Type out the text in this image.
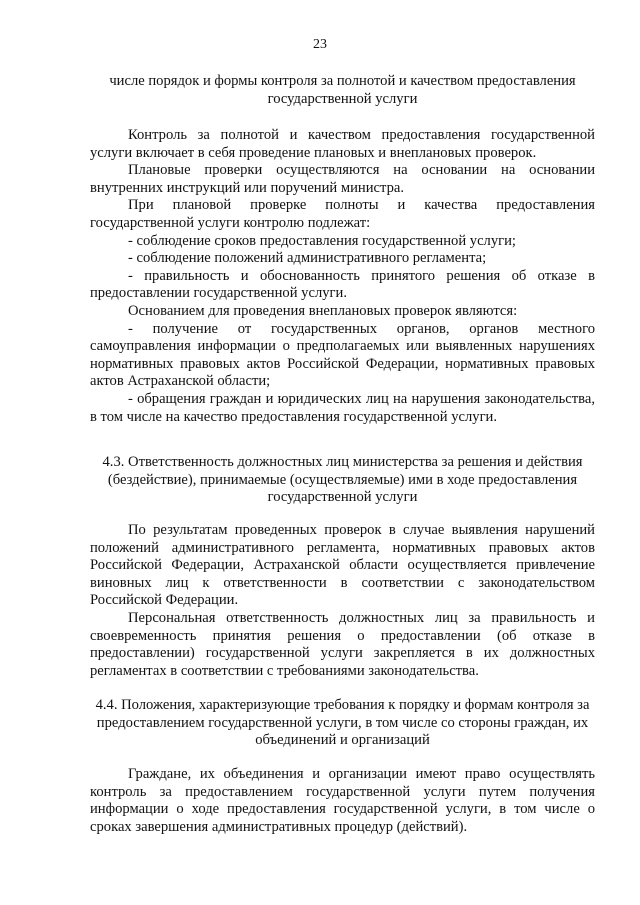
23
числе порядок и формы контроля за полнотой и качеством предоставления государственной услуги

Контроль за полнотой и качеством предоставления государственной услуги включает в себя проведение плановых и внеплановых проверок.

Плановые проверки осуществляются на основании на основании внутренних инструкций или поручений министра.

При плановой проверке полноты и качества предоставления государственной услуги контролю подлежат:

- соблюдение сроков предоставления государственной услуги;

- соблюдение положений административного регламента;

- правильность и обоснованность принятого решения об отказе в предоставлении государственной услуги.

Основанием для проведения внеплановых проверок являются:

- получение от государственных органов, органов местного самоуправления информации о предполагаемых или выявленных нарушениях нормативных правовых актов Российской Федерации, нормативных правовых актов Астраханской области;

- обращения граждан и юридических лиц на нарушения законодательства, в том числе на качество предоставления государственной услуги.

4.3. Ответственность должностных лиц министерства за решения и действия (бездействие), принимаемые (осуществляемые) ими в ходе предоставления государственной услуги

По результатам проведенных проверок в случае выявления нарушений положений административного регламента, нормативных правовых актов Российской Федерации, Астраханской области осуществляется привлечение виновных лиц к ответственности в соответствии с законодательством Российской Федерации.

Персональная ответственность должностных лиц за правильность и своевременность принятия решения о предоставлении (об отказе в предоставлении) государственной услуги закрепляется в их должностных регламентах в соответствии с требованиями законодательства.

4.4. Положения, характеризующие требования к порядку и формам контроля за предоставлением государственной услуги, в том числе со стороны граждан, их объединений и организаций

Граждане, их объединения и организации имеют право осуществлять контроль за предоставлением государственной услуги путем получения информации о ходе предоставления государственной услуги, в том числе о сроках завершения административных процедур (действий).
